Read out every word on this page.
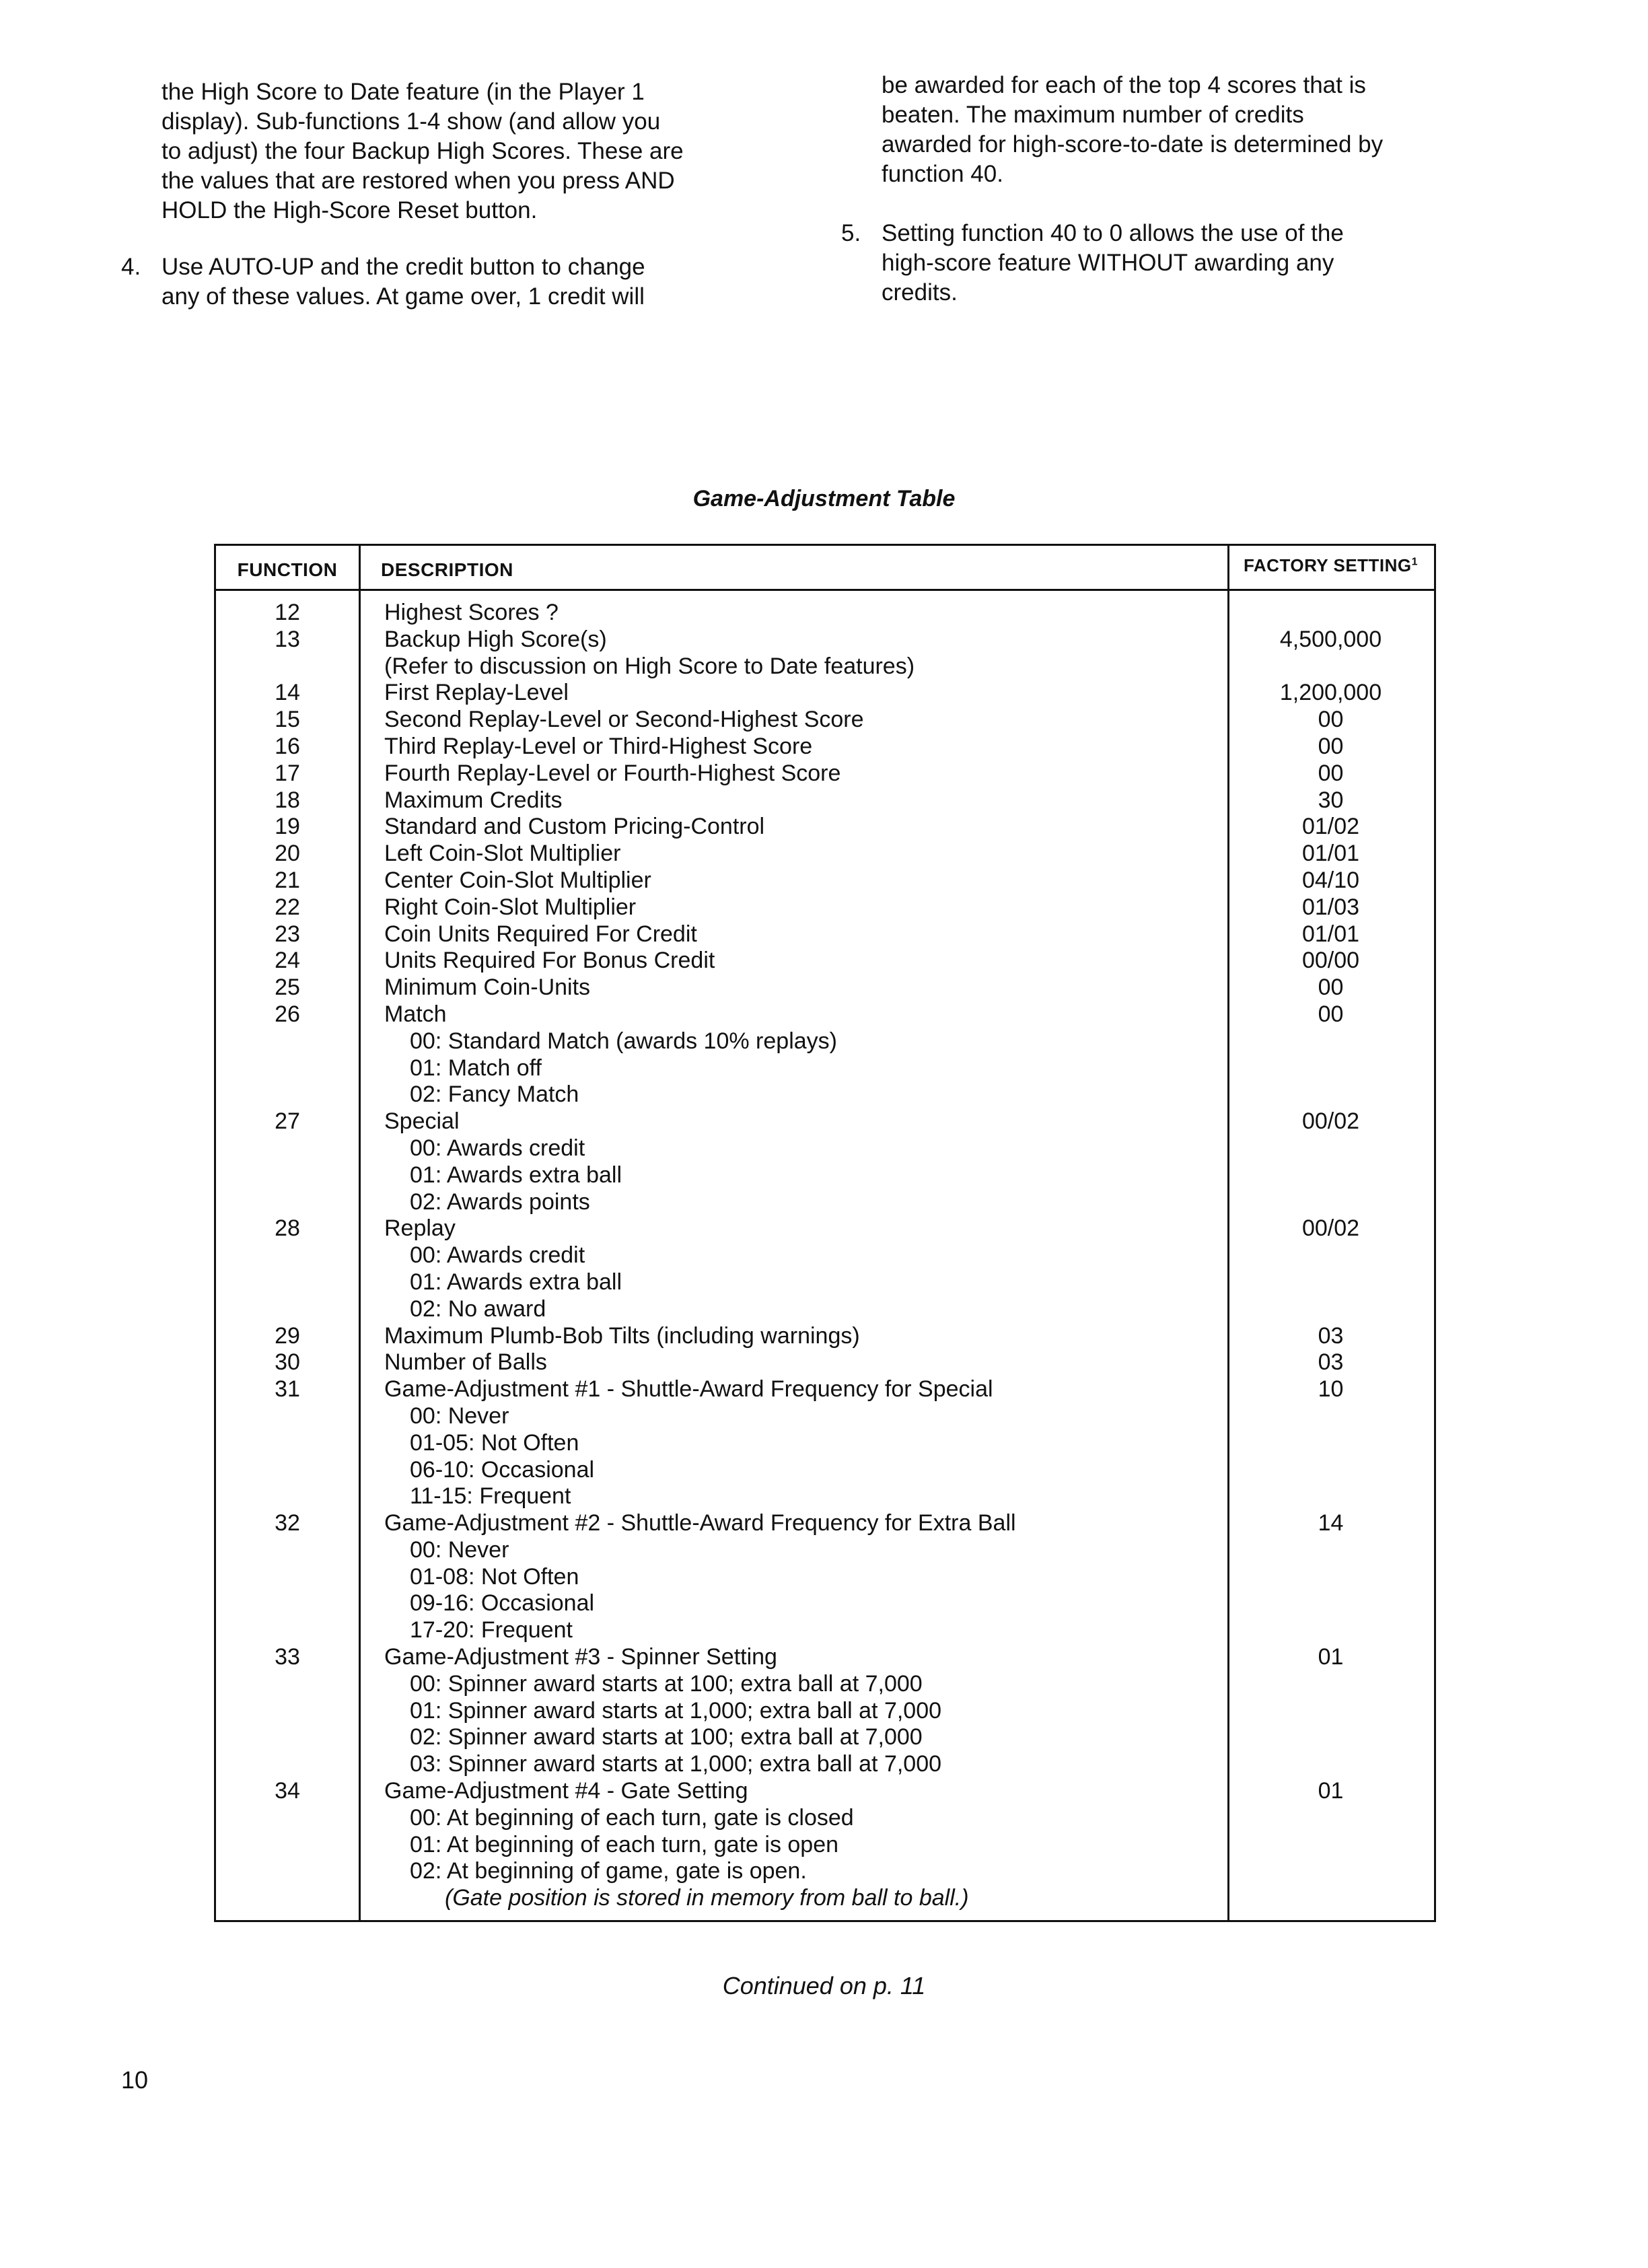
the High Score to Date feature (in the Player 1
display). Sub-functions 1-4 show (and allow you
to adjust) the four Backup High Scores. These are
the values that are restored when you press AND
HOLD the High-Score Reset button.
4. Use AUTO-UP and the credit button to change
any of these values. At game over, 1 credit will
be awarded for each of the top 4 scores that is
beaten. The maximum number of credits
awarded for high-score-to-date is determined by
function 40.
5. Setting function 40 to 0 allows the use of the
high-score feature WITHOUT awarding any
credits.
Game-Adjustment Table
FUNCTION	DESCRIPTION	FACTORY SETTING$^1$
12	Highest Scores ?
13	Backup High Score(s)	4,500,000
(Refer to discussion on High Score to Date features)
14	First Replay-Level	1,200,000
15	Second Replay-Level or Second-Highest Score	00
16	Third Replay-Level or Third-Highest Score	00
17	Fourth Replay-Level or Fourth-Highest Score	00
18	Maximum Credits	30
19	Standard and Custom Pricing-Control	01/02
20	Left Coin-Slot Multiplier	01/01
21	Center Coin-Slot Multiplier	04/10
22	Right Coin-Slot Multiplier	01/03
23	Coin Units Required For Credit	01/01
24	Units Required For Bonus Credit	00/00
25	Minimum Coin-Units	00
26	Match	00
00: Standard Match (awards 10% replays)
01: Match off
02: Fancy Match
27	Special	00/02
00: Awards credit
01: Awards extra ball
02: Awards points
28	Replay	00/02
00: Awards credit
01: Awards extra ball
02: No award
29	Maximum Plumb-Bob Tilts (including warnings)	03
30	Number of Balls	03
31	Game-Adjustment #1 - Shuttle-Award Frequency for Special	10
00: Never
01-05: Not Often
06-10: Occasional
11-15: Frequent
32	Game-Adjustment #2 - Shuttle-Award Frequency for Extra Ball	14
00: Never
01-08: Not Often
09-16: Occasional
17-20: Frequent
33	Game-Adjustment #3 - Spinner Setting	01
00: Spinner award starts at 100; extra ball at 7,000
01: Spinner award starts at 1,000; extra ball at 7,000
02: Spinner award starts at 100; extra ball at 7,000
03: Spinner award starts at 1,000; extra ball at 7,000
34	Game-Adjustment #4 - Gate Setting	01
00: At beginning of each turn, gate is closed
01: At beginning of each turn, gate is open
02: At beginning of game, gate is open.
(Gate position is stored in memory from ball to ball.)
Continued on p. 11
10
